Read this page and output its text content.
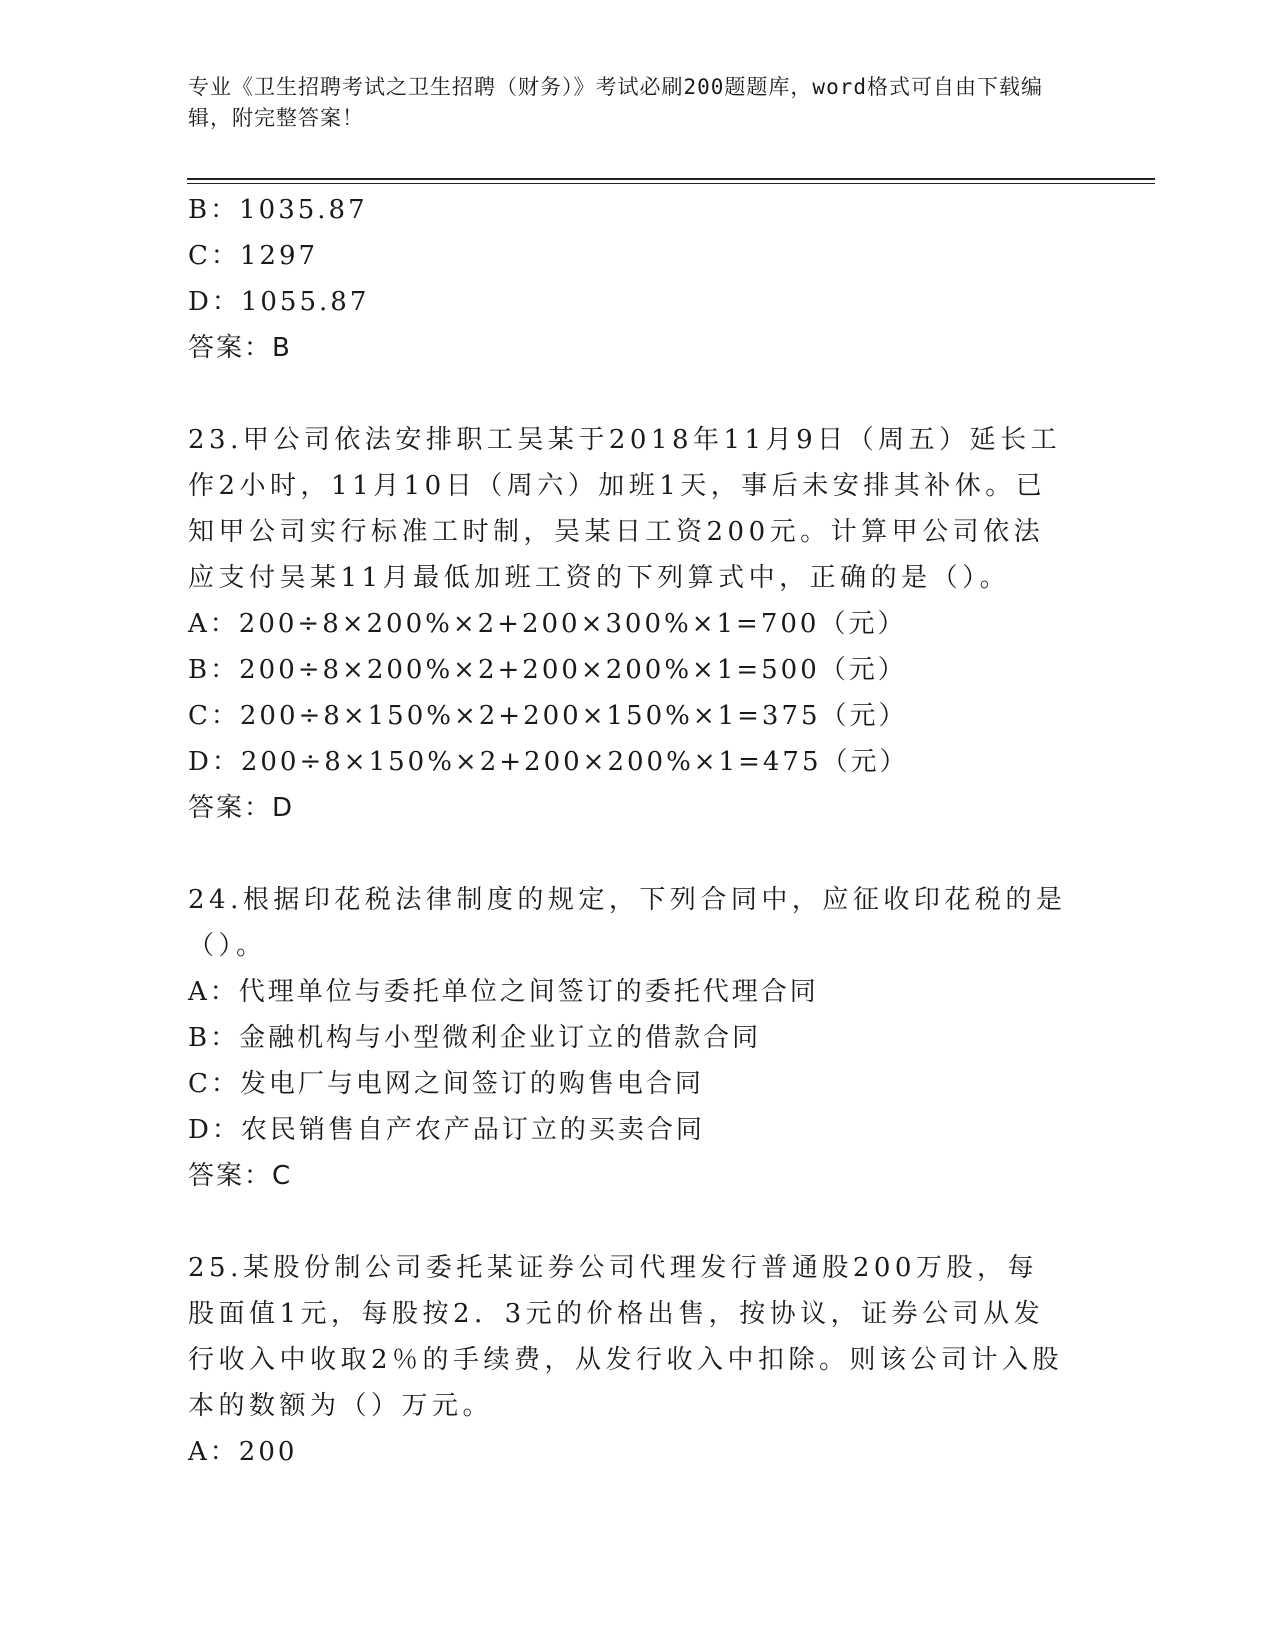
专业《卫生招聘考试之卫生招聘（财务）》考试必刷200题题库，word格式可自由下载编辑，附完整答案！
B：1035.87
C：1297
D：1055.87
答案：B
23.甲公司依法安排职工吴某于2018年11月9日（周五）延长工作2小时，11月10日（周六）加班1天，事后未安排其补休。已知甲公司实行标准工时制，吴某日工资200元。计算甲公司依法应支付吴某11月最低加班工资的下列算式中，正确的是（）。
A：200÷8×200%×2+200×300%×1=700（元）
B：200÷8×200%×2+200×200%×1=500（元）
C：200÷8×150%×2+200×150%×1=375（元）
D：200÷8×150%×2+200×200%×1=475（元）
答案：D
24.根据印花税法律制度的规定，下列合同中，应征收印花税的是（）。
A：代理单位与委托单位之间签订的委托代理合同
B：金融机构与小型微利企业订立的借款合同
C：发电厂与电网之间签订的购售电合同
D：农民销售自产农产品订立的买卖合同
答案：C
25.某股份制公司委托某证券公司代理发行普通股200万股，每股面值1元，每股按2．3元的价格出售，按协议，证券公司从发行收入中收取2％的手续费，从发行收入中扣除。则该公司计入股本的数额为（）万元。
A：200
